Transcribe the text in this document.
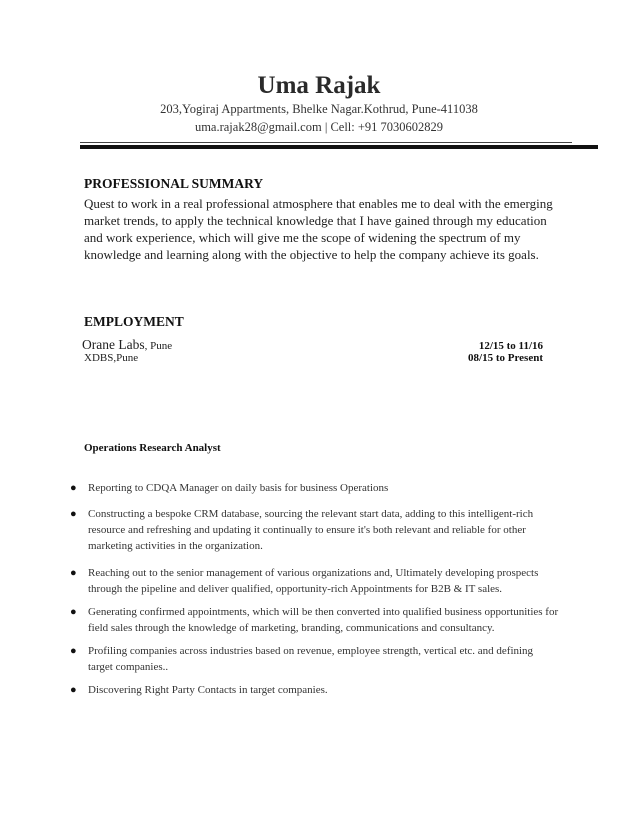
Uma Rajak
203,Yogiraj Appartments, Bhelke Nagar.Kothrud, Pune-411038
uma.rajak28@gmail.com | Cell: +91 7030602829
PROFESSIONAL SUMMARY
Quest to work in a real professional atmosphere that enables me to deal with the emerging market trends, to apply the technical knowledge that I have gained through my education and work experience, which will give me the scope of widening the spectrum of my knowledge and learning along with the objective to help the company achieve its goals.
EMPLOYMENT
Orane Labs, Pune	12/15 to 11/16
XDBS,Pune	08/15 to Present
Operations Research Analyst
● Reporting to CDQA Manager on daily basis for business Operations
● Constructing a bespoke CRM database, sourcing the relevant start data, adding to this intelligent-rich resource and refreshing and updating it continually to ensure it's both relevant and reliable for other marketing activities in the organization.
● Reaching out to the senior management of various organizations and, Ultimately developing prospects through the pipeline and deliver qualified, opportunity-rich Appointments for B2B & IT sales.
● Generating confirmed appointments, which will be then converted into qualified business opportunities for field sales through the knowledge of marketing, branding, communications and consultancy.
● Profiling companies across industries based on revenue, employee strength, vertical etc. and defining target companies..
● Discovering Right Party Contacts in target companies.
